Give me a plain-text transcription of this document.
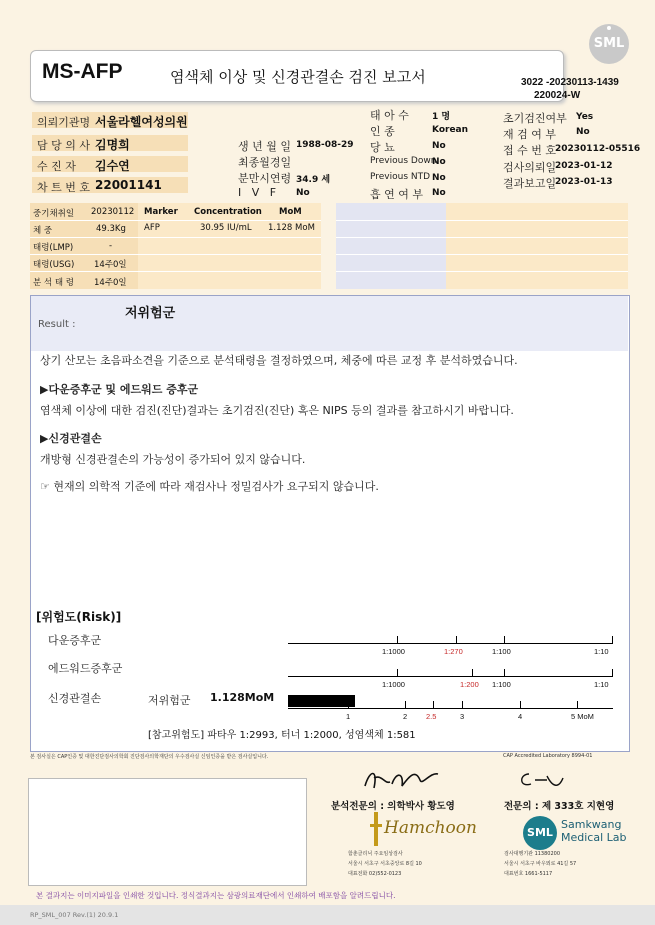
SML
MS-AFP	염색체 이상 및 신경관결손 검진 보고서	3022 -20230113-1439
220024-W
의뢰기관명 서울라헬여성의원
담 당 의 사 김명희
수 진 자 김수연
차 트 번 호 22001141
생 년 월 일 1988-08-29
최종월경일
분만시연령 34.9 세
I V F No
태 아 수	1 명
인 종	Korean
당 뇨	No
Previous Down
No
Previous NTD No
흡 연 여 부 No
초기검진여부 Yes
재 검 여 부 No
접 수 번 호 20230112-05516
검사의뢰일
2023-01-12
결과보고일
2023-01-13
중기채취일 20230112
체 중	49.3Kg
태령(LMP)	-
태령(USG) 14주0일
분 석 태 령 14주0일
Marker Concentration MoM
AFP	30.95 IU/mL 1.128 MoM
Result :
저위험군
상기 산모는 초음파소견을 기준으로 분석태령을 결정하였으며, 체중에 따른 교정 후 분석하였습니다.
▶다운증후군 및 에드워드 증후군
염색체 이상에 대한 검진(진단)결과는 초기검진(진단) 혹은 NIPS 등의 결과를 참고하시기 바랍니다.
▶신경관결손
개방형 신경관결손의 가능성이 증가되어 있지 않습니다.
☞ 현재의 의학적 기준에 따라 재검사나 정밀검사가 요구되지 않습니다.
[위험도(Risk)]
다운증후군
1:1000	1:270	1:100	1:10
에드워드증후군
1:1000	1:200 1:100	1:10
신경관결손	저위험군 1.128MoM
1	2	2.5	3	4	5 MoM
[참고위험도] 파타우 1:2993, 터너 1:2000, 성염색체 1:581
본 검사실은 CAP인증 및 대한진단검사의학회 진단검사의학재단의 우수검사실 신임인증을 받은 검사실입니다.	CAP Accredited Laboratory 8994-01
분석전문의 : 의학박사 황도영	전문의 : 제 333호 지현영
Hamchoon
함춘클리닉 주요임상검사
서울시 서초구 서초중앙로 8길 10
대표전화 02)552-0123
SML
Samkwang
Medical Lab
검사대행기관 11380200
서울시 서초구 바우뫼로 41길 57
대표번호 1661-5117
본 결과지는 이미지파일을 인쇄한 것입니다. 정식결과지는 삼광의료재단에서 인쇄하여 배포함을 알려드립니다.
RP_SML_007 Rev.(1) 20.9.1
